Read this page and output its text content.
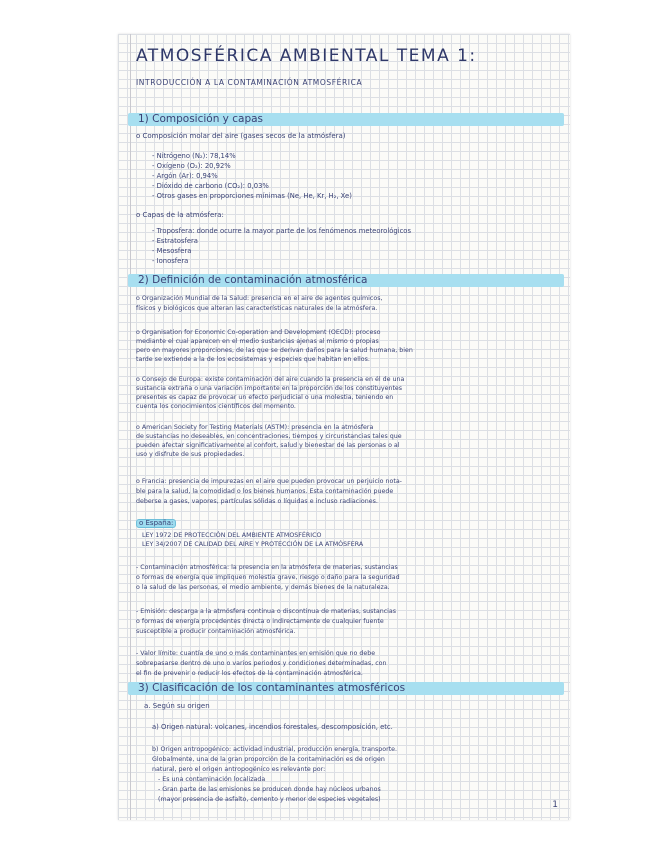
ATMOSFÉRICA AMBIENTAL TEMA 1:
INTRODUCCIÓN A LA CONTAMINACIÓN ATMOSFÉRICA
1) Composición y capas
o Composición molar del aire (gases secos de la atmósfera)
- Nitrógeno (N₂): 78,14%
- Oxígeno (O₂): 20,92%
- Argón (Ar): 0,94%
- Dióxido de carbono (CO₂): 0,03%
- Otros gases en proporciones mínimas (Ne, He, Kr, H₂, Xe)
o Capas de la atmósfera:
- Troposfera: donde ocurre la mayor parte de los fenómenos meteorológicos
- Estratosfera
- Mesosfera
- Ionosfera
2) Definición de contaminación atmosférica
o Organización Mundial de la Salud: presencia en el aire de agentes químicos,
físicos y biológicos que alteran las características naturales de la atmósfera.
o Organisation for Economic Co-operation and Development (OECD): proceso
mediante el cual aparecen en el medio sustancias ajenas al mismo o propias
pero en mayores proporciones, de las que se derivan daños para la salud humana, bien
tarde se extiende a la de los ecosistemas y especies que habitan en ellos.
o Consejo de Europa: existe contaminación del aire cuando la presencia en él de una
sustancia extraña o una variación importante en la proporción de los constituyentes
presentes es capaz de provocar un efecto perjudicial o una molestia, teniendo en
cuenta los conocimientos científicos del momento.
o American Society for Testing Materials (ASTM): presencia en la atmósfera
de sustancias no deseables, en concentraciones, tiempos y circunstancias tales que
pueden afectar significativamente al confort, salud y bienestar de las personas o al
uso y disfrute de sus propiedades.
o Francia: presencia de impurezas en el aire que pueden provocar un perjuicio nota-
ble para la salud, la comodidad o los bienes humanos. Esta contaminación puede
deberse a gases, vapores, partículas sólidas o líquidas e incluso radiaciones.
o España:
LEY 1972 DE PROTECCIÓN DEL AMBIENTE ATMOSFÉRICO
LEY 34/2007 DE CALIDAD DEL AIRE Y PROTECCIÓN DE LA ATMÓSFERA
- Contaminación atmosférica: la presencia en la atmósfera de materias, sustancias
o formas de energía que impliquen molestia grave, riesgo o daño para la seguridad
o la salud de las personas, el medio ambiente, y demás bienes de la naturaleza.
- Emisión: descarga a la atmósfera continua o discontinua de materias, sustancias
o formas de energía procedentes directa o indirectamente de cualquier fuente
susceptible a producir contaminación atmosférica.
- Valor límite: cuantía de uno o más contaminantes en emisión que no debe
sobrepasarse dentro de uno o varios periodos y condiciones determinadas, con
el fin de prevenir o reducir los efectos de la contaminación atmosférica.
3) Clasificación de los contaminantes atmosféricos
a. Según su origen
a) Origen natural: volcanes, incendios forestales, descomposición, etc.
b) Origen antropogénico: actividad industrial, producción energía, transporte.
Globalmente, una de la gran proporción de la contaminación es de origen
natural, pero el origen antropogénico es relevante por:
- Es una contaminación localizada
- Gran parte de las emisiones se producen donde hay núcleos urbanos
(mayor presencia de asfalto, cemento y menor de especies vegetales)
1
